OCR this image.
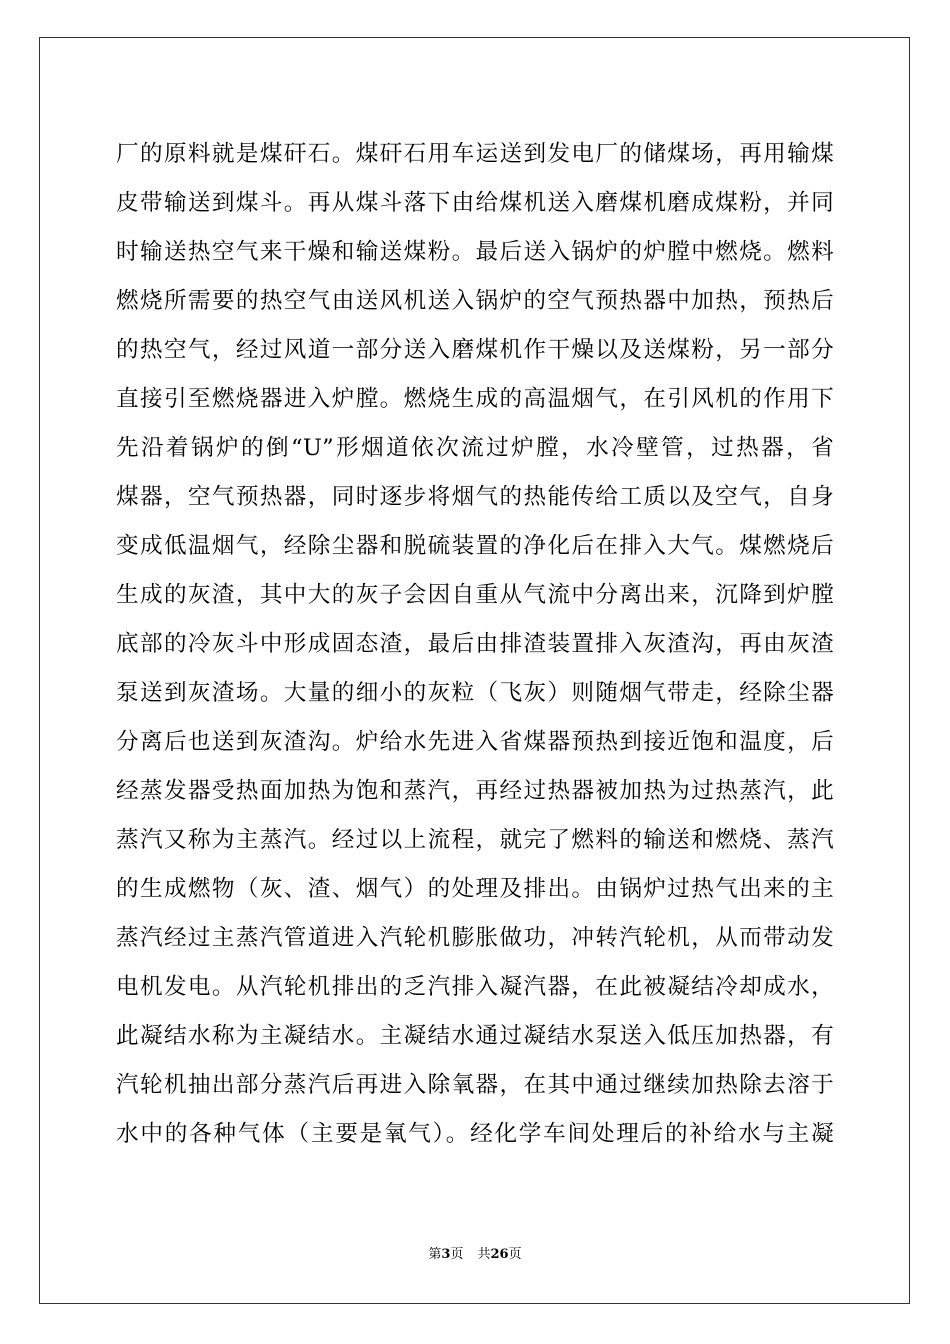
厂的原料就是煤矸石。煤矸石用车运送到发电厂的储煤场，再用输煤
皮带输送到煤斗。再从煤斗落下由给煤机送入磨煤机磨成煤粉，并同
时输送热空气来干燥和输送煤粉。最后送入锅炉的炉膛中燃烧。燃料
燃烧所需要的热空气由送风机送入锅炉的空气预热器中加热，预热后
的热空气，经过风道一部分送入磨煤机作干燥以及送煤粉，另一部分
直接引至燃烧器进入炉膛。燃烧生成的高温烟气，在引风机的作用下
先沿着锅炉的倒“U”形烟道依次流过炉膛，水冷壁管，过热器，省
煤器，空气预热器，同时逐步将烟气的热能传给工质以及空气，自身
变成低温烟气，经除尘器和脱硫装置的净化后在排入大气。煤燃烧后
生成的灰渣，其中大的灰子会因自重从气流中分离出来，沉降到炉膛
底部的冷灰斗中形成固态渣，最后由排渣装置排入灰渣沟，再由灰渣
泵送到灰渣场。大量的细小的灰粒（飞灰）则随烟气带走，经除尘器
分离后也送到灰渣沟。炉给水先进入省煤器预热到接近饱和温度，后
经蒸发器受热面加热为饱和蒸汽，再经过热器被加热为过热蒸汽，此
蒸汽又称为主蒸汽。经过以上流程，就完了燃料的输送和燃烧、蒸汽
的生成燃物（灰、渣、烟气）的处理及排出。由锅炉过热气出来的主
蒸汽经过主蒸汽管道进入汽轮机膨胀做功，冲转汽轮机，从而带动发
电机发电。从汽轮机排出的乏汽排入凝汽器，在此被凝结冷却成水，
此凝结水称为主凝结水。主凝结水通过凝结水泵送入低压加热器，有
汽轮机抽出部分蒸汽后再进入除氧器，在其中通过继续加热除去溶于
水中的各种气体（主要是氧气）。经化学车间处理后的补给水与主凝
第3页 共26页
